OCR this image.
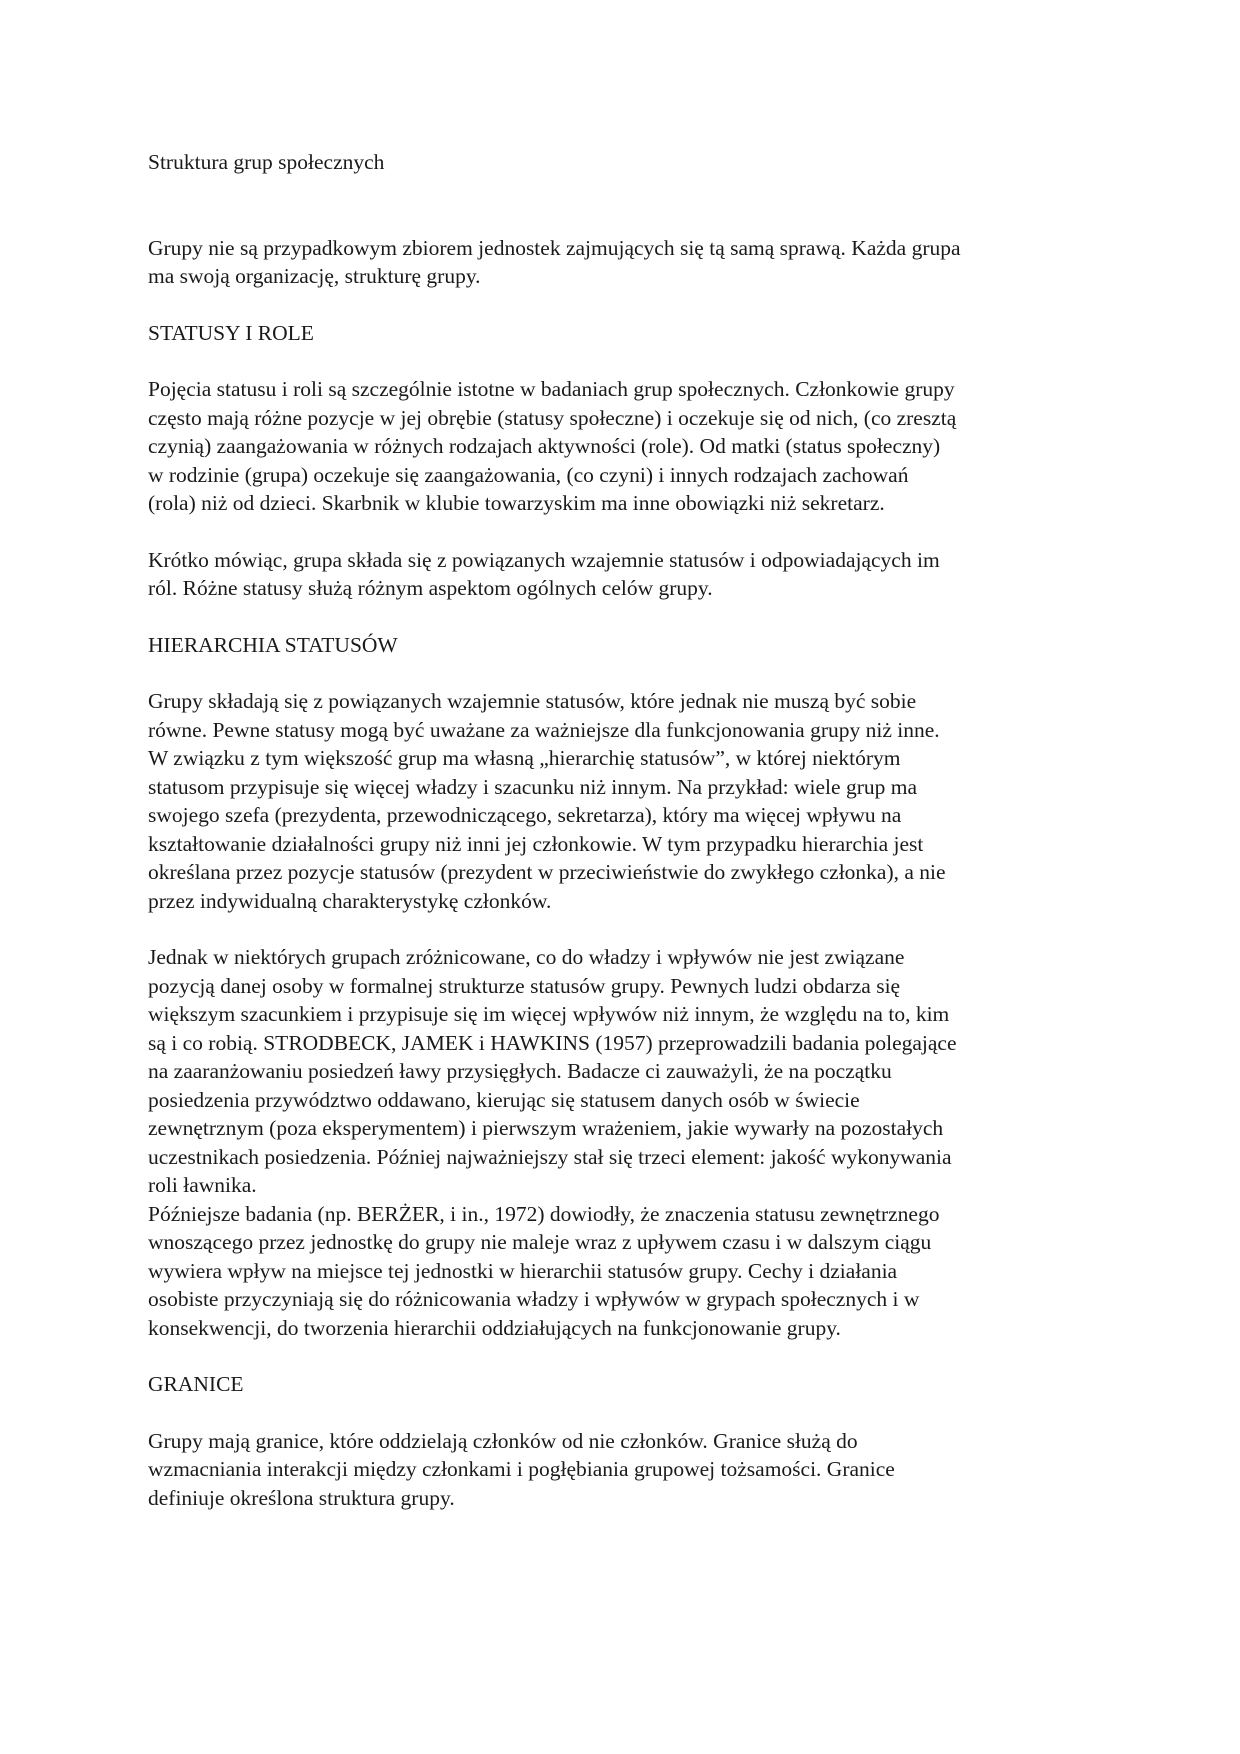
Struktura grup społecznych
Grupy nie są przypadkowym zbiorem jednostek zajmujących się tą samą sprawą. Każda grupa
ma swoją organizację, strukturę grupy.
STATUSY I ROLE
Pojęcia statusu i roli są szczególnie istotne w badaniach grup społecznych. Członkowie grupy
często mają różne pozycje w jej obrębie (statusy społeczne) i oczekuje się od nich, (co zresztą
czynią) zaangażowania w różnych rodzajach aktywności (role). Od matki (status społeczny)
w rodzinie (grupa) oczekuje się zaangażowania, (co czyni) i innych rodzajach zachowań
(rola) niż od dzieci. Skarbnik w klubie towarzyskim ma inne obowiązki niż sekretarz.
Krótko mówiąc, grupa składa się z powiązanych wzajemnie statusów i odpowiadających im
ról. Różne statusy służą różnym aspektom ogólnych celów grupy.
HIERARCHIA STATUSÓW
Grupy składają się z powiązanych wzajemnie statusów, które jednak nie muszą być sobie
równe. Pewne statusy mogą być uważane za ważniejsze dla funkcjonowania grupy niż inne.
W związku z tym większość grup ma własną „hierarchię statusów”, w której niektórym
statusom przypisuje się więcej władzy i szacunku niż innym. Na przykład: wiele grup ma
swojego szefa (prezydenta, przewodniczącego, sekretarza), który ma więcej wpływu na
kształtowanie działalności grupy niż inni jej członkowie. W tym przypadku hierarchia jest
określana przez pozycje statusów (prezydent w przeciwieństwie do zwykłego członka), a nie
przez indywidualną charakterystykę członków.
Jednak w niektórych grupach zróżnicowane, co do władzy i wpływów nie jest związane
pozycją danej osoby w formalnej strukturze statusów grupy. Pewnych ludzi obdarza się
większym szacunkiem i przypisuje się im więcej wpływów niż innym, że względu na to, kim
są i co robią. STRODBECK, JAMEK i HAWKINS (1957) przeprowadzili badania polegające
na zaaranżowaniu posiedzeń ławy przysięgłych. Badacze ci zauważyli, że na początku
posiedzenia przywództwo oddawano, kierując się statusem danych osób w świecie
zewnętrznym (poza eksperymentem) i pierwszym wrażeniem, jakie wywarły na pozostałych
uczestnikach posiedzenia. Później najważniejszy stał się trzeci element: jakość wykonywania
roli ławnika.
Późniejsze badania (np. BERŻER, i in., 1972) dowiodły, że znaczenia statusu zewnętrznego
wnoszącego przez jednostkę do grupy nie maleje wraz z upływem czasu i w dalszym ciągu
wywiera wpływ na miejsce tej jednostki w hierarchii statusów grupy. Cechy i działania
osobiste przyczyniają się do różnicowania władzy i wpływów w grypach społecznych i w
konsekwencji, do tworzenia hierarchii oddziałujących na funkcjonowanie grupy.
GRANICE
Grupy mają granice, które oddzielają członków od nie członków. Granice służą do
wzmacniania interakcji między członkami i pogłębiania grupowej tożsamości. Granice
definiuje określona struktura grupy.
